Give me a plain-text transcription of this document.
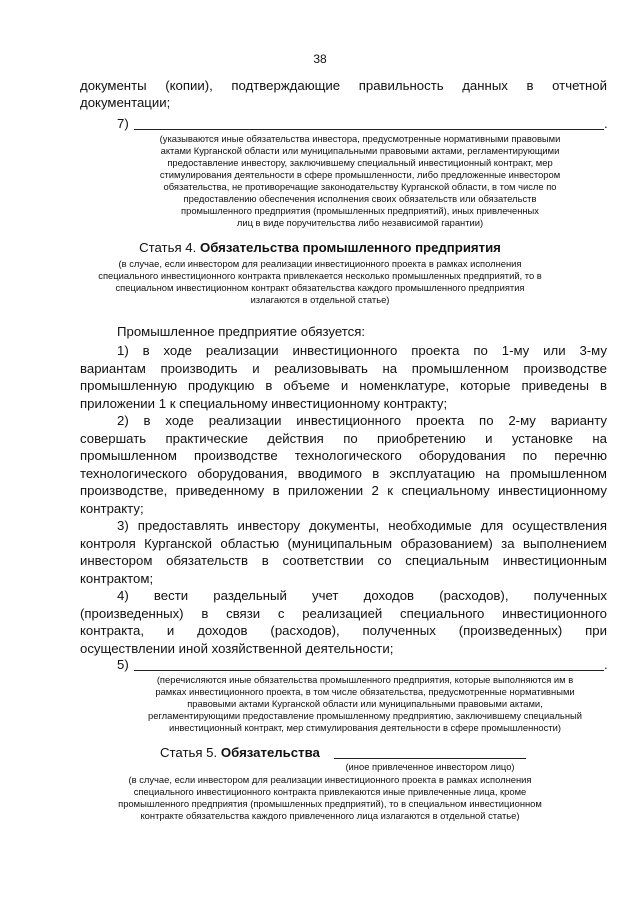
38
документы (копии), подтверждающие правильность данных в отчетной
документации;
7)	.
(указываются иные обязательства инвестора, предусмотренные нормативными правовыми
актами Курганской области или муниципальными правовыми актами, регламентирующими
предоставление инвестору, заключившему специальный инвестиционный контракт, мер
стимулирования деятельности в сфере промышленности, либо предложенные инвестором
обязательства, не противоречащие законодательству Курганской области, в том числе по
предоставлению обеспечения исполнения своих обязательств или обязательств
промышленного предприятия (промышленных предприятий), иных привлеченных
лиц в виде поручительства либо независимой гарантии)
Статья 4. Обязательства промышленного предприятия
(в случае, если инвестором для реализации инвестиционного проекта в рамках исполнения
специального инвестиционного контракта привлекается несколько промышленных предприятий, то в
специальном инвестиционном контракт обязательства каждого промышленного предприятия
излагаются в отдельной статье)
Промышленное предприятие обязуется:
1) в ходе реализации инвестиционного проекта по 1-му или 3-му
вариантам производить и реализовывать на промышленном производстве
промышленную продукцию в объеме и номенклатуре, которые приведены в
приложении 1 к специальному инвестиционному контракту;
2) в ходе реализации инвестиционного проекта по 2-му варианту
совершать практические действия по приобретению и установке на
промышленном производстве технологического оборудования по перечню
технологического оборудования, вводимого в эксплуатацию на промышленном
производстве, приведенному в приложении 2 к специальному инвестиционному
контракту;
3) предоставлять инвестору документы, необходимые для осуществления
контроля Курганской областью (муниципальным образованием) за выполнением
инвестором обязательств в соответствии со специальным инвестиционным
контрактом;
4) вести раздельный учет доходов (расходов), полученных
(произведенных) в связи с реализацией специального инвестиционного
контракта, и доходов (расходов), полученных (произведенных) при
осуществлении иной хозяйственной деятельности;
5)	.
(перечисляются иные обязательства промышленного предприятия, которые выполняются им в
рамках инвестиционного проекта, в том числе обязательства, предусмотренные нормативными
правовыми актами Курганской области или муниципальными правовыми актами,
регламентирующими предоставление промышленному предприятию, заключившему специальный
инвестиционный контракт, мер стимулирования деятельности в сфере промышленности)
Статья 5. Обязательства
(иное привлеченное инвестором лицо)
(в случае, если инвестором для реализации инвестиционного проекта в рамках исполнения
специального инвестиционного контракта привлекаются иные привлеченные лица, кроме
промышленного предприятия (промышленных предприятий), то в специальном инвестиционном
контракте обязательства каждого привлеченного лица излагаются в отдельной статье)
